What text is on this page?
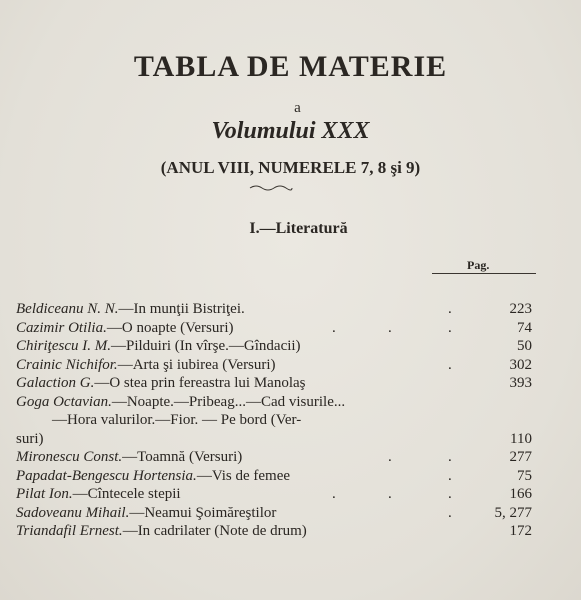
TABLA DE MATERIE
a
Volumului XXX
(ANUL VIII, NUMERELE 7, 8 şi 9)
I.—Literatură
Pag.
Beldiceanu N. N.—In munţii Bistriţei.	.	223
Cazimir Otilia.—O noapte (Versuri)	.	.	.	74
Chiriţescu I. M.—Pilduiri (In vîrşe.—Gîndacii)	50
Crainic Nichifor.—Arta şi iubirea (Versuri)	.	302
Galaction G.—O stea prin fereastra lui Manolaş	393
Goga Octavian.—Noapte.—Pribeag...—Cad visurile...
—Hora valurilor.—Fior. — Pe bord (Ver-
suri)	110
Mironescu Const.—Toamnă (Versuri)	.	.	277
Papadat-Bengescu Hortensia.—Vis de femee	.	75
Pilat Ion.—Cîntecele stepii	.	.	.	166
Sadoveanu Mihail.—Neamui Şoimăreştilor	.	5, 277
Triandafil Ernest.—In cadrilater (Note de drum)	172
